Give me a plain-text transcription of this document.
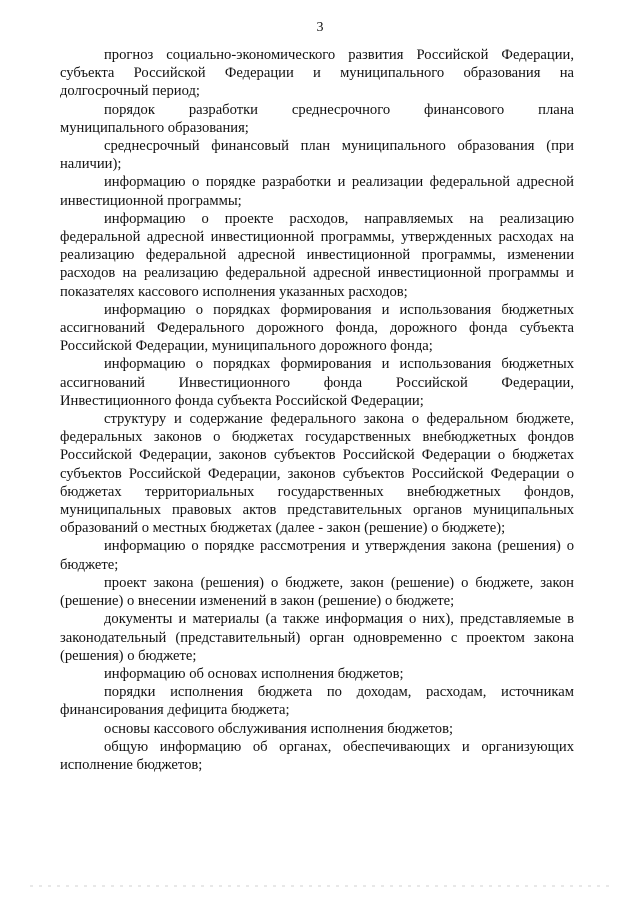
3
прогноз социально-экономического развития Российской Федерации,
субъекта Российской Федерации и муниципального образования на
долгосрочный период;
порядок разработки среднесрочного финансового плана
муниципального образования;
среднесрочный финансовый план муниципального образования (при
наличии);
информацию о порядке разработки и реализации федеральной адресной
инвестиционной программы;
информацию о проекте расходов, направляемых на реализацию
федеральной адресной инвестиционной программы, утвержденных расходах на
реализацию федеральной адресной инвестиционной программы, изменении
расходов на реализацию федеральной адресной инвестиционной программы и
показателях кассового исполнения указанных расходов;
информацию о порядках формирования и использования бюджетных
ассигнований Федерального дорожного фонда, дорожного фонда субъекта
Российской Федерации, муниципального дорожного фонда;
информацию о порядках формирования и использования бюджетных
ассигнований Инвестиционного фонда Российской Федерации,
Инвестиционного фонда субъекта Российской Федерации;
структуру и содержание федерального закона о федеральном бюджете,
федеральных законов о бюджетах государственных внебюджетных фондов
Российской Федерации, законов субъектов Российской Федерации о бюджетах
субъектов Российской Федерации, законов субъектов Российской Федерации о
бюджетах территориальных государственных внебюджетных фондов,
муниципальных правовых актов представительных органов муниципальных
образований о местных бюджетах (далее - закон (решение) о бюджете);
информацию о порядке рассмотрения и утверждения закона (решения) о
бюджете;
проект закона (решения) о бюджете, закон (решение) о бюджете, закон
(решение) о внесении изменений в закон (решение) о бюджете;
документы и материалы (а также информация о них), представляемые в
законодательный (представительный) орган одновременно с проектом закона
(решения) о бюджете;
информацию об основах исполнения бюджетов;
порядки исполнения бюджета по доходам, расходам, источникам
финансирования дефицита бюджета;
основы кассового обслуживания исполнения бюджетов;
общую информацию об органах, обеспечивающих и организующих
исполнение бюджетов;
